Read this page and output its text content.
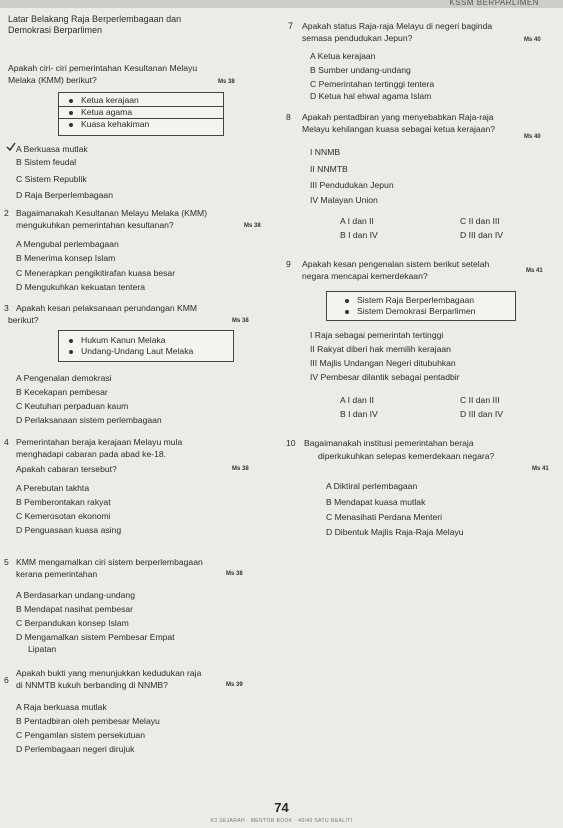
KSSM BERPARLIMEN
Latar Belakang Raja Berperlembagaan dan
Demokrasi Berparlimen
Apakah ciri- ciri pemerintahan Kesultanan Melayu
Melaka (KMM) berikut?	Ms 38
Ketua kerajaan
Ketua agama
Kuasa kehakiman
A Berkuasa mutlak
B Sistem feudal
C Sistem Republik
D Raja Berperlembagaan
2 Bagaimanakah Kesultanan Melayu Melaka (KMM)
mengukuhkan pemerintahan kesultanan?	Ms 38
A Mengubal perlembagaan
B Menerima konsep Islam
C Menerapkan pengikitirafan kuasa besar
D Mengukuhkan kekuatan tentera
3 Apakah kesan pelaksanaan perundangan KMM
berikut?	Ms 38
Hukum Kanun Melaka
Undang-Undang Laut Melaka
A Pengenalan demokrasi
B Kecekapan pembesar
C Keutuhan perpaduan kaum
D Perlaksanaan sistem perlembagaan
4 Pemerintahan beraja kerajaan Melayu mula
menghadapi cabaran pada abad ke-18.
Apakah cabaran tersebut?	Ms 38
A Perebutan takhta
B Pemberontakan rakyat
C Kemerosotan ekonomi
D Penguasaan kuasa asing
5 KMM mengamalkan ciri sistem berperlembagaan
kerana pemerintahan	Ms 38
A Berdasarkan undang-undang
B Mendapat nasihat pembesar
C Berpandukan konsep Islam
D Mengamalkan sistem Pembesar Empat
Lipatan
6
Apakah bukti yang menunjukkan kedudukan raja
di NNMTB kukuh berbanding di NNMB?	Ms 39
A Raja berkuasa mutlak
B Pentadbiran oleh pembesar Melayu
C Pengamlan sistem persekutuan
D Perlembagaan negeri dirujuk
7 Apakah status Raja-raja Melayu di negeri baginda
semasa pendudukan Jepun?	Ms 40
A Ketua kerajaan
B Sumber undang-undang
C Pemerintahan tertinggi tentera
D Ketua hal ehwal agama Islam
8 Apakah pentadbiran yang menyebabkan Raja-raja
Melayu kehilangan kuasa sebagai ketua kerajaan?
Ms 40
I NNMB
II NNMTB
III Pendudukan Jepun
IV Malayan Union
A I dan II	C II dan III
B I dan IV	D III dan IV
9 Apakah kesan pengenalan sistem berikut setelah
negara mencapai kemerdekaan?	Ms 41
Sistem Raja Berperlembagaan
Sistem Demokrasi Berparlimen
I Raja sebagai pemerintah tertinggi
II Rakyat diberi hak memilih kerajaan
III Majlis Undangan Negeri ditubuhkan
IV Pembesar dilantik sebagai pentadbir
A I dan II	C II dan III
B I dan IV	D III dan IV
10 Bagaimanakah institusi pemerintahan beraja
diperkukuhkan selepas kemerdekaan negara?
Ms 41
A Diktiral perlembagaan
B Mendapat kuasa mutlak
C Menasihati Perdana Menteri
D Dibentuk Majlis Raja-Raja Melayu
74
K3 SEJARAH · MENTOR BOOK · 40/40 SATU REALITI
